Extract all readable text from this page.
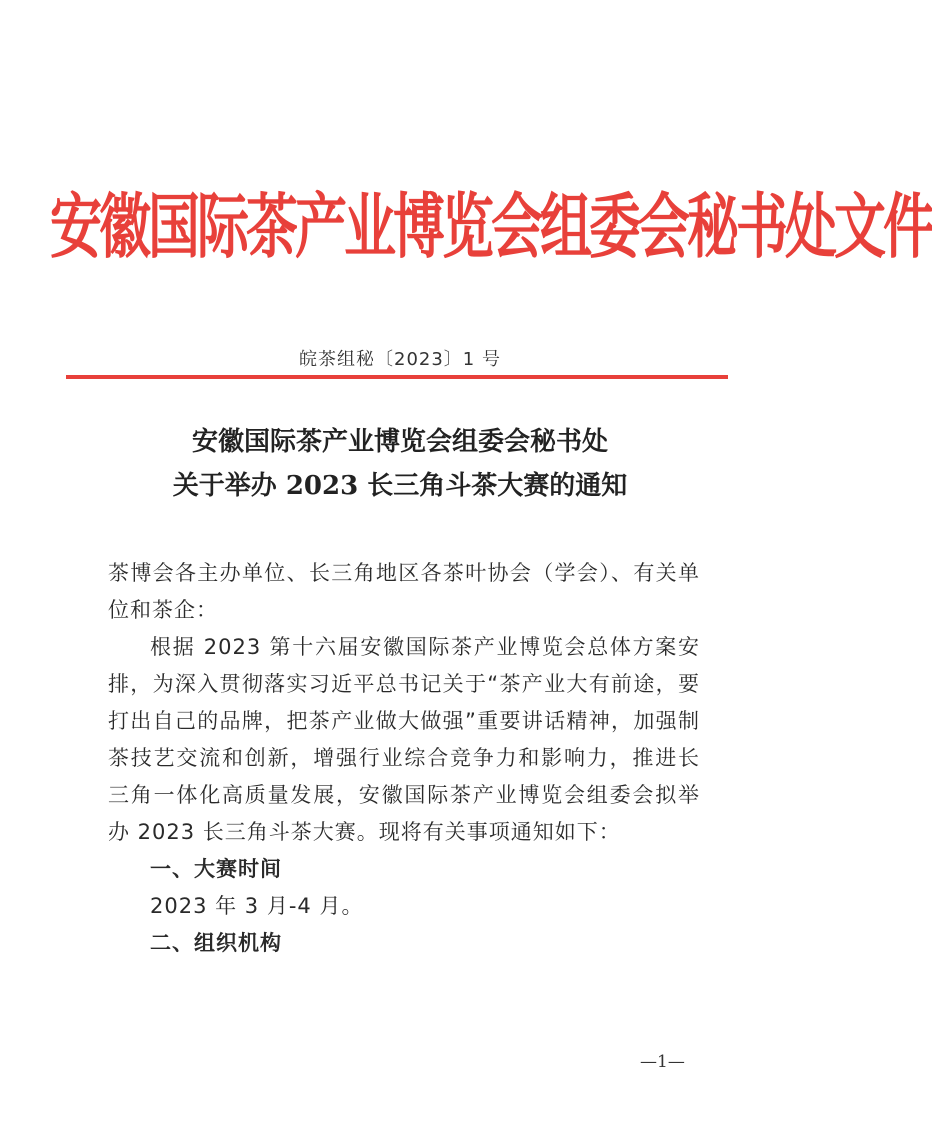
安徽国际茶产业博览会组委会秘书处文件
皖茶组秘〔2023〕1 号
安徽国际茶产业博览会组委会秘书处
关于举办 2023 长三角斗茶大赛的通知

茶博会各主办单位、长三角地区各茶叶协会（学会）、有关单位和茶企：

根据 2023 第十六届安徽国际茶产业博览会总体方案安排，为深入贯彻落实习近平总书记关于“茶产业大有前途，要打出自己的品牌，把茶产业做大做强”重要讲话精神，加强制茶技艺交流和创新，增强行业综合竞争力和影响力，推进长三角一体化高质量发展，安徽国际茶产业博览会组委会拟举办 2023 长三角斗茶大赛。现将有关事项通知如下：

一、大赛时间

2023 年 3 月-4 月。

二、组织机构

—1—
